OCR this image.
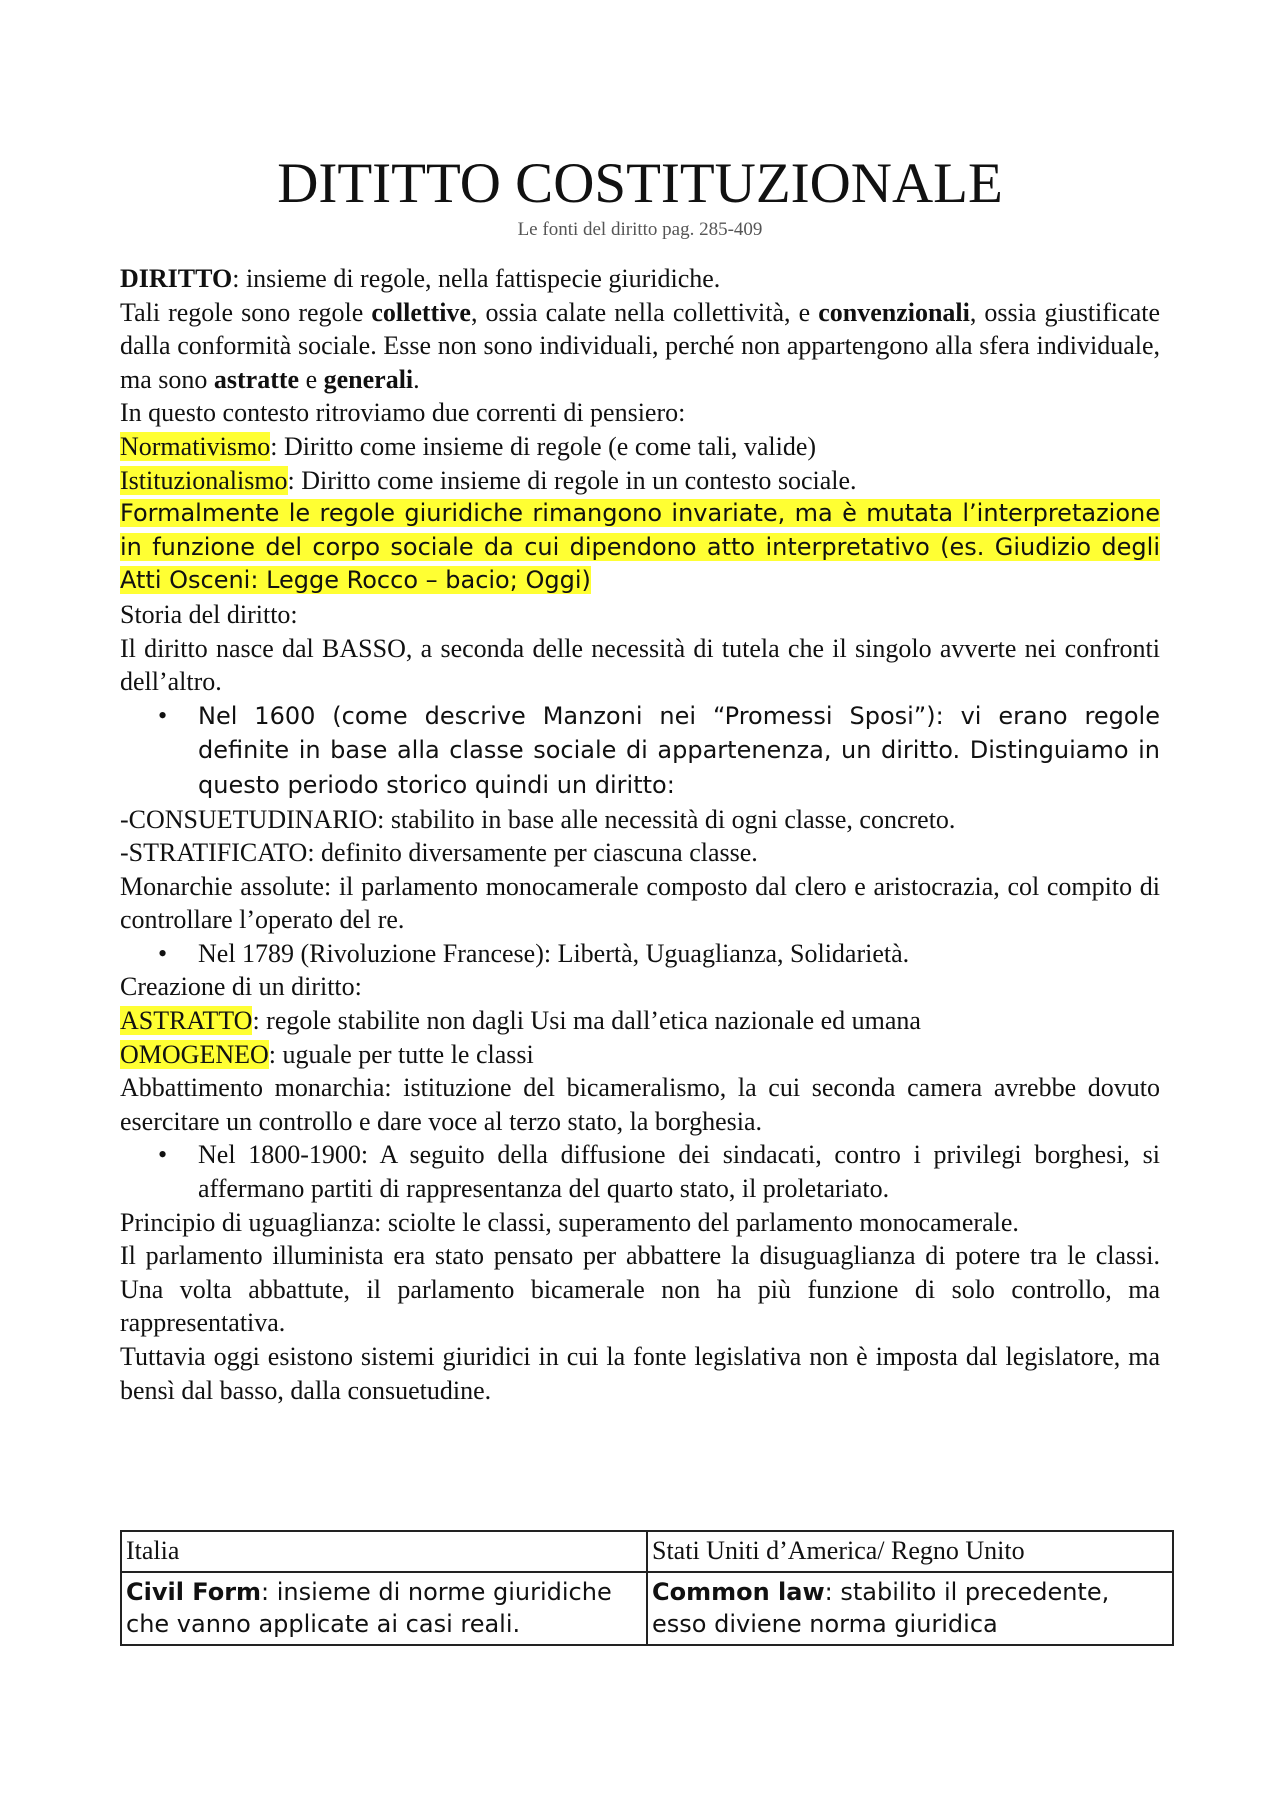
DITITTO COSTITUZIONALE
Le fonti del diritto pag. 285-409

DIRITTO: insieme di regole, nella fattispecie giuridiche.

Tali regole sono regole collettive, ossia calate nella collettività, e convenzionali, ossia giustificate dalla conformità sociale. Esse non sono individuali, perché non appartengono alla sfera individuale, ma sono astratte e generali.

In questo contesto ritroviamo due correnti di pensiero:

Normativismo: Diritto come insieme di regole (e come tali, valide)

Istituzionalismo: Diritto come insieme di regole in un contesto sociale.

Formalmente le regole giuridiche rimangono invariate, ma è mutata l’interpretazione in funzione del corpo sociale da cui dipendono atto interpretativo (es. Giudizio degli Atti Osceni: Legge Rocco – bacio; Oggi)

Storia del diritto:

Il diritto nasce dal BASSO, a seconda delle necessità di tutela che il singolo avverte nei confronti dell’altro.

• Nel 1600 (come descrive Manzoni nei “Promessi Sposi”): vi erano regole definite in base alla classe sociale di appartenenza, un diritto. Distinguiamo in questo periodo storico quindi un diritto:

-CONSUETUDINARIO: stabilito in base alle necessità di ogni classe, concreto.

-STRATIFICATO: definito diversamente per ciascuna classe.

Monarchie assolute: il parlamento monocamerale composto dal clero e aristocrazia, col compito di controllare l’operato del re.

• Nel 1789 (Rivoluzione Francese): Libertà, Uguaglianza, Solidarietà.

Creazione di un diritto:

ASTRATTO: regole stabilite non dagli Usi ma dall’etica nazionale ed umana

OMOGENEO: uguale per tutte le classi

Abbattimento monarchia: istituzione del bicameralismo, la cui seconda camera avrebbe dovuto esercitare un controllo e dare voce al terzo stato, la borghesia.

• Nel 1800-1900: A seguito della diffusione dei sindacati, contro i privilegi borghesi, si affermano partiti di rappresentanza del quarto stato, il proletariato.

Principio di uguaglianza: sciolte le classi, superamento del parlamento monocamerale.

Il parlamento illuminista era stato pensato per abbattere la disuguaglianza di potere tra le classi. Una volta abbattute, il parlamento bicamerale non ha più funzione di solo controllo, ma rappresentativa.

Tuttavia oggi esistono sistemi giuridici in cui la fonte legislativa non è imposta dal legislatore, ma bensì dal basso, dalla consuetudine.

Italia	Stati Uniti d’America/ Regno Unito
Civil Form: insieme di norme giuridiche che vanno applicate ai casi reali.	Common law: stabilito il precedente, esso diviene norma giuridica
